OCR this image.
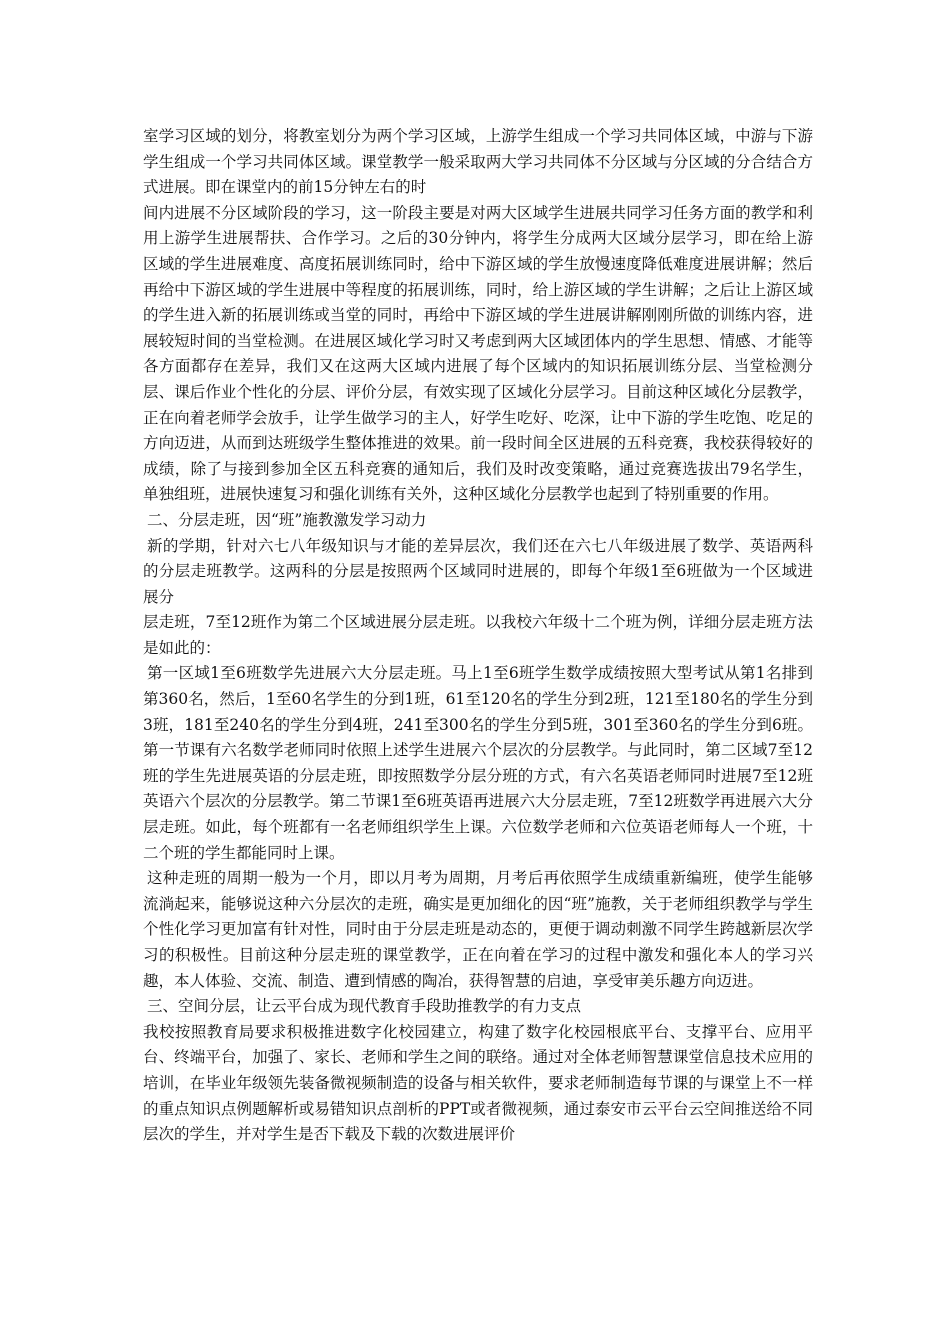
室学习区域的划分，将教室划分为两个学习区域，上游学生组成一个学习共同体区域，中游与下游学生组成一个学习共同体区域。课堂教学一般采取两大学习共同体不分区域与分区域的分合结合方式进展。即在课堂内的前15分钟左右的时

间内进展不分区域阶段的学习，这一阶段主要是对两大区域学生进展共同学习任务方面的教学和利用上游学生进展帮扶、合作学习。之后的30分钟内，将学生分成两大区域分层学习，即在给上游区域的学生进展难度、高度拓展训练同时，给中下游区域的学生放慢速度降低难度进展讲解；然后再给中下游区域的学生进展中等程度的拓展训练，同时，给上游区域的学生讲解；之后让上游区域的学生进入新的拓展训练或当堂的同时，再给中下游区域的学生进展讲解刚刚所做的训练内容，进展较短时间的当堂检测。在进展区域化学习时又考虑到两大区域团体内的学生思想、情感、才能等各方面都存在差异，我们又在这两大区域内进展了每个区域内的知识拓展训练分层、当堂检测分层、课后作业个性化的分层、评价分层，有效实现了区域化分层学习。目前这种区域化分层教学，正在向着老师学会放手，让学生做学习的主人，好学生吃好、吃深，让中下游的学生吃饱、吃足的方向迈进，从而到达班级学生整体推进的效果。前一段时间全区进展的五科竞赛，我校获得较好的成绩，除了与接到参加全区五科竞赛的通知后，我们及时改变策略，通过竞赛选拔出79名学生，单独组班，进展快速复习和强化训练有关外，这种区域化分层教学也起到了特别重要的作用。

二、分层走班，因“班”施教激发学习动力

新的学期，针对六七八年级知识与才能的差异层次，我们还在六七八年级进展了数学、英语两科的分层走班教学。这两科的分层是按照两个区域同时进展的，即每个年级1至6班做为一个区域进展分

层走班，7至12班作为第二个区域进展分层走班。以我校六年级十二个班为例，详细分层走班方法是如此的：

第一区域1至6班数学先进展六大分层走班。马上1至6班学生数学成绩按照大型考试从第1名排到第360名，然后，1至60名学生的分到1班，61至120名的学生分到2班，121至180名的学生分到3班，181至240名的学生分到4班，241至300名的学生分到5班，301至360名的学生分到6班。第一节课有六名数学老师同时依照上述学生进展六个层次的分层教学。与此同时，第二区域7至12班的学生先进展英语的分层走班，即按照数学分层分班的方式，有六名英语老师同时进展7至12班英语六个层次的分层教学。第二节课1至6班英语再进展六大分层走班，7至12班数学再进展六大分层走班。如此，每个班都有一名老师组织学生上课。六位数学老师和六位英语老师每人一个班，十二个班的学生都能同时上课。

这种走班的周期一般为一个月，即以月考为周期，月考后再依照学生成绩重新编班，使学生能够流淌起来，能够说这种六分层次的走班，确实是更加细化的因“班”施教，关于老师组织教学与学生个性化学习更加富有针对性，同时由于分层走班是动态的，更便于调动刺激不同学生跨越新层次学习的积极性。目前这种分层走班的课堂教学，正在向着在学习的过程中激发和强化本人的学习兴趣，本人体验、交流、制造、遭到情感的陶冶，获得智慧的启迪，享受审美乐趣方向迈进。

三、空间分层，让云平台成为现代教育手段助推教学的有力支点

我校按照教育局要求积极推进数字化校园建立，构建了数字化校园根底平台、支撑平台、应用平台、终端平台，加强了、家长、老师和学生之间的联络。通过对全体老师智慧课堂信息技术应用的培训，在毕业年级领先装备微视频制造的设备与相关软件，要求老师制造每节课的与课堂上不一样的重点知识点例题解析或易错知识点剖析的PPT或者微视频，通过泰安市云平台云空间推送给不同层次的学生，并对学生是否下载及下载的次数进展评价
